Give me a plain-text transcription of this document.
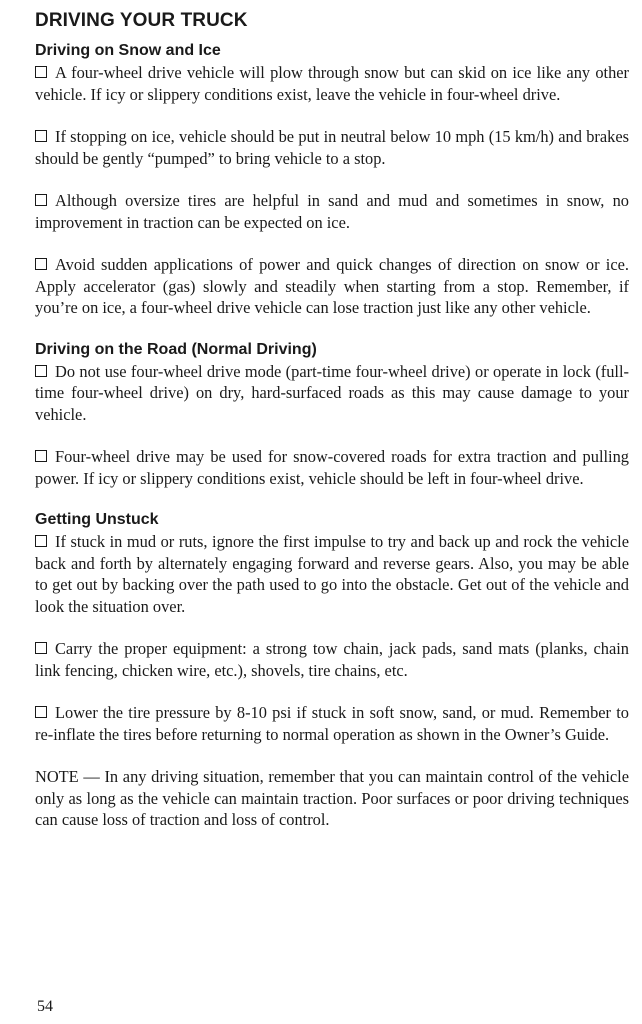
DRIVING YOUR TRUCK
Driving on Snow and Ice

A four-wheel drive vehicle will plow through snow but can skid on ice like any other vehicle. If icy or slippery conditions exist, leave the vehicle in four-wheel drive.

If stopping on ice, vehicle should be put in neutral below 10 mph (15 km/h) and brakes should be gently “pumped” to bring vehicle to a stop.

Although oversize tires are helpful in sand and mud and sometimes in snow, no improvement in traction can be expected on ice.

Avoid sudden applications of power and quick changes of direction on snow or ice. Apply accelerator (gas) slowly and steadily when starting from a stop. Remember, if you’re on ice, a four-wheel drive vehicle can lose traction just like any other vehicle.

Driving on the Road (Normal Driving)

Do not use four-wheel drive mode (part-time four-wheel drive) or operate in lock (full-time four-wheel drive) on dry, hard-surfaced roads as this may cause damage to your vehicle.

Four-wheel drive may be used for snow-covered roads for extra traction and pulling power. If icy or slippery conditions exist, vehicle should be left in four-wheel drive.

Getting Unstuck

If stuck in mud or ruts, ignore the first impulse to try and back up and rock the vehicle back and forth by alternately engaging forward and reverse gears. Also, you may be able to get out by backing over the path used to go into the obstacle. Get out of the vehicle and look the situation over.

Carry the proper equipment: a strong tow chain, jack pads, sand mats (planks, chain link fencing, chicken wire, etc.), shovels, tire chains, etc.

Lower the tire pressure by 8-10 psi if stuck in soft snow, sand, or mud. Remember to re-inflate the tires before returning to normal operation as shown in the Owner’s Guide.

NOTE — In any driving situation, remember that you can maintain control of the vehicle only as long as the vehicle can maintain traction. Poor surfaces or poor driving techniques can cause loss of traction and loss of control.

54
